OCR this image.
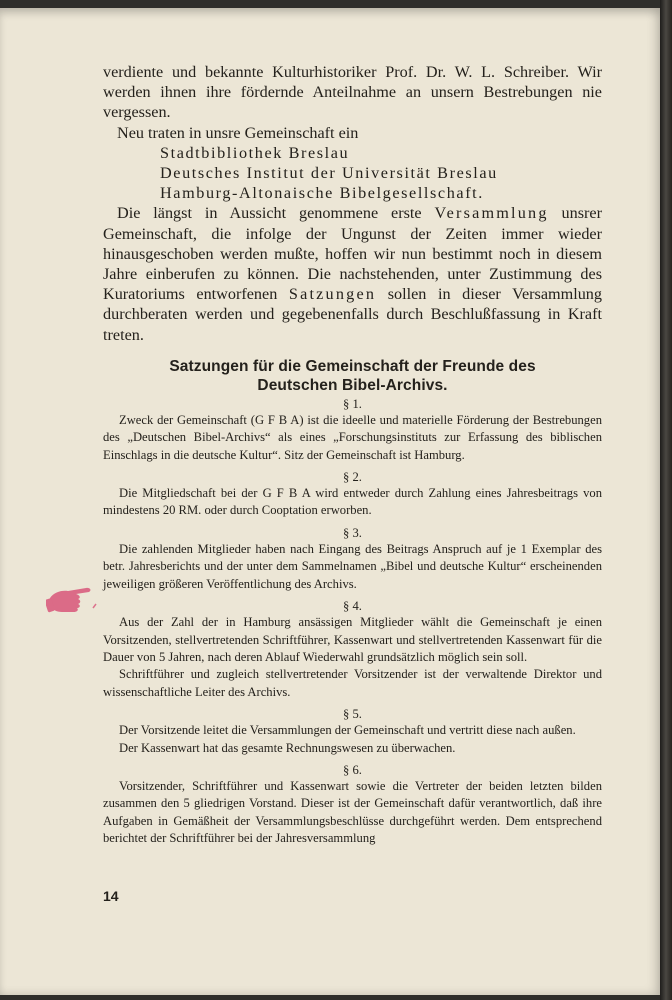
verdiente und bekannte Kulturhistoriker Prof. Dr. W. L. Schreiber. Wir werden ihnen ihre fördernde Anteilnahme an unsern Bestrebungen nie vergessen.

Neu traten in unsre Gemeinschaft ein

Stadtbibliothek Breslau

Deutsches Institut der Universität Breslau

Hamburg-Altonaische Bibelgesellschaft.

Die längst in Aussicht genommene erste Versammlung unsrer Gemeinschaft, die infolge der Ungunst der Zeiten immer wieder hinausgeschoben werden mußte, hoffen wir nun bestimmt noch in diesem Jahre einberufen zu können. Die nachstehenden, unter Zustimmung des Kuratoriums entworfenen Satzungen sollen in dieser Versammlung durchberaten werden und gegebenenfalls durch Beschlußfassung in Kraft treten.

Satzungen für die Gemeinschaft der Freunde des
Deutschen Bibel-Archivs.
§ 1.

Zweck der Gemeinschaft (G F B A) ist die ideelle und materielle Förderung der Bestrebungen des „Deutschen Bibel-Archivs“ als eines „Forschungsinstituts zur Erfassung des biblischen Einschlags in die deutsche Kultur“. Sitz der Gemeinschaft ist Hamburg.

§ 2.

Die Mitgliedschaft bei der G F B A wird entweder durch Zahlung eines Jahresbeitrags von mindestens 20 RM. oder durch Cooptation erworben.

§ 3.

Die zahlenden Mitglieder haben nach Eingang des Beitrags Anspruch auf je 1 Exemplar des betr. Jahresberichts und der unter dem Sammelnamen „Bibel und deutsche Kultur“ erscheinenden jeweiligen größeren Veröffentlichung des Archivs.

§ 4.

Aus der Zahl der in Hamburg ansässigen Mitglieder wählt die Gemeinschaft je einen Vorsitzenden, stellvertretenden Schriftführer, Kassenwart und stellvertretenden Kassenwart für die Dauer von 5 Jahren, nach deren Ablauf Wiederwahl grundsätzlich möglich sein soll.

Schriftführer und zugleich stellvertretender Vorsitzender ist der verwaltende Direktor und wissenschaftliche Leiter des Archivs.

§ 5.

Der Vorsitzende leitet die Versammlungen der Gemeinschaft und vertritt diese nach außen.

Der Kassenwart hat das gesamte Rechnungswesen zu überwachen.

§ 6.

Vorsitzender, Schriftführer und Kassenwart sowie die Vertreter der beiden letzten bilden zusammen den 5 gliedrigen Vorstand. Dieser ist der Gemeinschaft dafür verantwortlich, daß ihre Aufgaben in Gemäßheit der Versammlungsbeschlüsse durchgeführt werden. Dem entsprechend berichtet der Schriftführer bei der Jahresversammlung

14
